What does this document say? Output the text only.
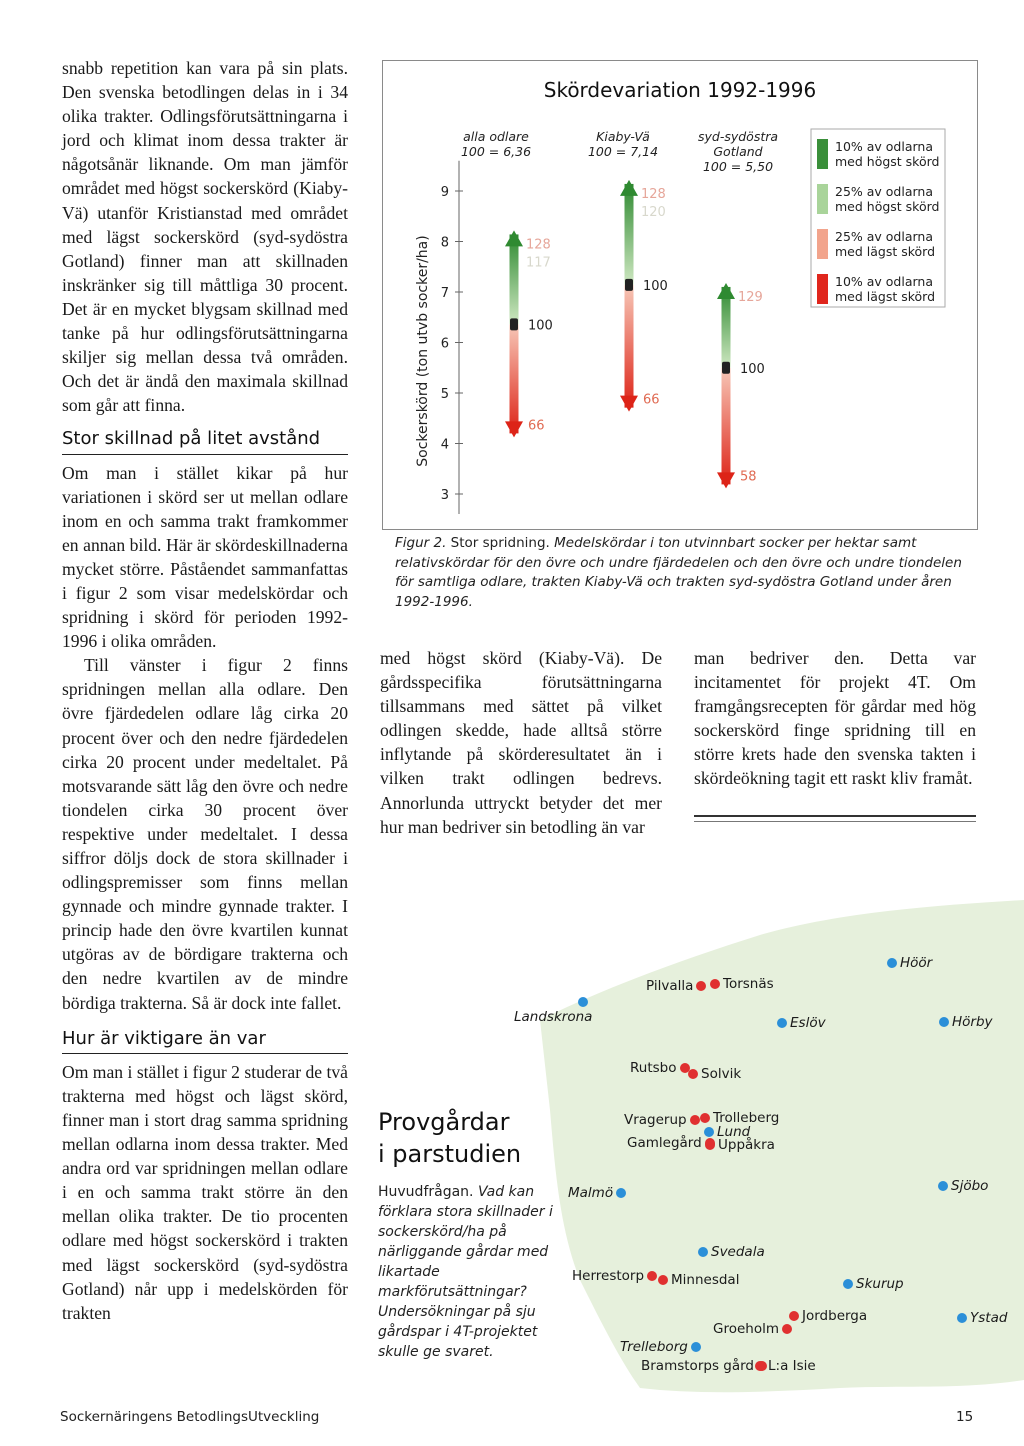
snabb repetition kan vara på sin plats. Den svenska betodlingen delas in i 34 olika trakter. Odlingsförutsättningarna i jord och klimat inom dessa trakter är någotsånär liknande. Om man jämför området med högst sockerskörd (Kiaby-Vä) utanför Kristianstad med området med lägst sockerskörd (syd-sydöstra Gotland) finner man att skillnaden inskränker sig till måttliga 30 procent. Det är en mycket blygsam skillnad med tanke på hur odlingsförutsättningarna skiljer sig mellan dessa två områden. Och det är ändå den maximala skillnad som går att finna.
Stor skillnad på litet avstånd
Om man i stället kikar på hur variationen i skörd ser ut mellan odlare inom en och samma trakt framkommer en annan bild. Här är skördeskillnaderna mycket större. Påståendet sammanfattas i figur 2 som visar medelskördar och spridning i skörd för perioden 1992-1996 i olika områden.
Till vänster i figur 2 finns spridningen mellan alla odlare. Den övre fjärdedelen odlare låg cirka 20 procent över och den nedre fjärdedelen cirka 20 procent under medeltalet. På motsvarande sätt låg den övre och nedre tiondelen cirka 30 procent över respektive under medeltalet. I dessa siffror döljs dock de stora skillnader i odlingspremisser som finns mellan gynnade och mindre gynnade trakter. I princip hade den övre kvartilen kunnat utgöras av de bördigare trakterna och den nedre kvartilen av de mindre bördiga trakterna. Så är dock inte fallet.
Hur är viktigare än var
Om man i stället i figur 2 studerar de två trakterna med högst och lägst skörd, finner man i stort drag samma spridning mellan odlarna inom dessa trakter. Med andra ord var spridningen mellan odlare i en och samma trakt större än den mellan olika trakter. De tio procenten odlare med högst sockerskörd i trakten med lägst sockerskörd (syd-sydöstra Gotland) når upp i medelskörden för trakten
Skördevariation 1992-1996
Sockerskörd (ton utvb socker/ha)
3
4
5
6
7
8
9
alla odlare
100 = 6,36
100
128
117
66
Kiaby-Vä
100 = 7,14
100
128
120
66
syd-sydöstra
Gotland
100 = 5,50
100
129
58
10% av odlarna
med högst skörd
25% av odlarna
med högst skörd
25% av odlarna
med lägst skörd
10% av odlarna
med lägst skörd
Figur 2. Stor spridning. Medelskördar i ton utvinnbart socker per hektar samt relativskördar för den övre och undre fjärdedelen och den övre och undre tiondelen för samtliga odlare, trakten Kiaby-Vä och trakten syd-sydöstra Gotland under åren 1992-1996.
med högst skörd (Kiaby-Vä). De gårdsspecifika förutsättningarna tillsammans med sättet på vilket odlingen skedde, hade alltså större inflytande på skörderesultatet än i vilken trakt odlingen bedrevs. Annorlunda uttryckt betyder det mer hur man bedriver sin betodling än var
man bedriver den. Detta var incitamentet för projekt 4T. Om framgångsrecepten för gårdar med hög sockerskörd finge spridning till en större krets hade den svenska takten i skördeökning tagit ett raskt kliv framåt.
Provgårdar
i parstudien
Huvudfrågan. Vad kan förklara stora skillnader i sockerskörd/ha på närliggande gårdar med likartade markförutsättningar? Undersökningar på sju gårdspar i 4T-projektet skulle ge svaret.
Höör
Pilvalla	Torsnäs
Landskrona	Eslöv	Hörby
Rutsbo	Solvik
Vragerup	Trolleberg
Lund
Gamlegård	Uppåkra
Malmö	Sjöbo
Svedala
Herrestorp	Minnesdal	Skurup
Jordberga
Groeholm
Ystad
Trelleborg
Bramstorps gård	L:a Isie
Sockernäringens BetodlingsUtveckling	15
